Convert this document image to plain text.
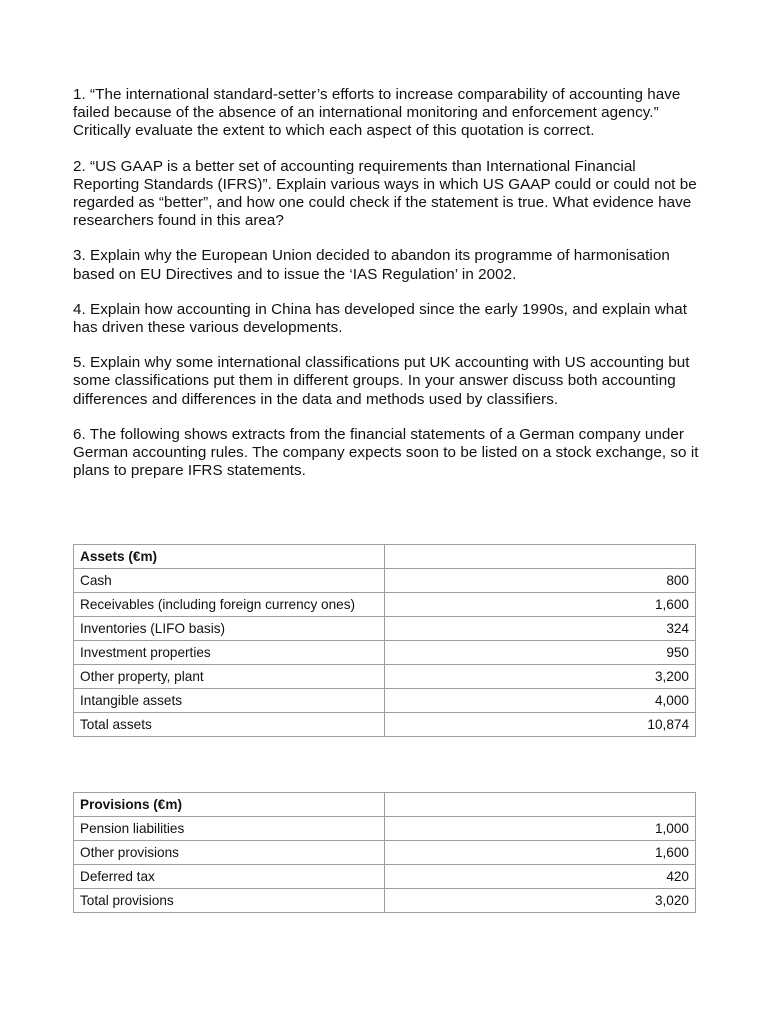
1. “The international standard-setter’s efforts to increase comparability of accounting have failed because of the absence of an international monitoring and enforcement agency.” Critically evaluate the extent to which each aspect of this quotation is correct.

2. “US GAAP is a better set of accounting requirements than International Financial Reporting Standards (IFRS)”. Explain various ways in which US GAAP could or could not be regarded as “better”, and how one could check if the statement is true. What evidence have researchers found in this area?

3. Explain why the European Union decided to abandon its programme of harmonisation based on EU Directives and to issue the ‘IAS Regulation’ in 2002.

4. Explain how accounting in China has developed since the early 1990s, and explain what has driven these various developments.

5. Explain why some international classifications put UK accounting with US accounting but some classifications put them in different groups. In your answer discuss both accounting differences and differences in the data and methods used by classifiers.

6. The following shows extracts from the financial statements of a German company under German accounting rules. The company expects soon to be listed on a stock exchange, so it plans to prepare IFRS statements.

Assets (€m)	
Cash	800
Receivables (including foreign currency ones)	1,600
Inventories (LIFO basis)	324
Investment properties	950
Other property, plant	3,200
Intangible assets	4,000
Total assets	10,874
Provisions (€m)	
Pension liabilities	1,000
Other provisions	1,600
Deferred tax	420
Total provisions	3,020
